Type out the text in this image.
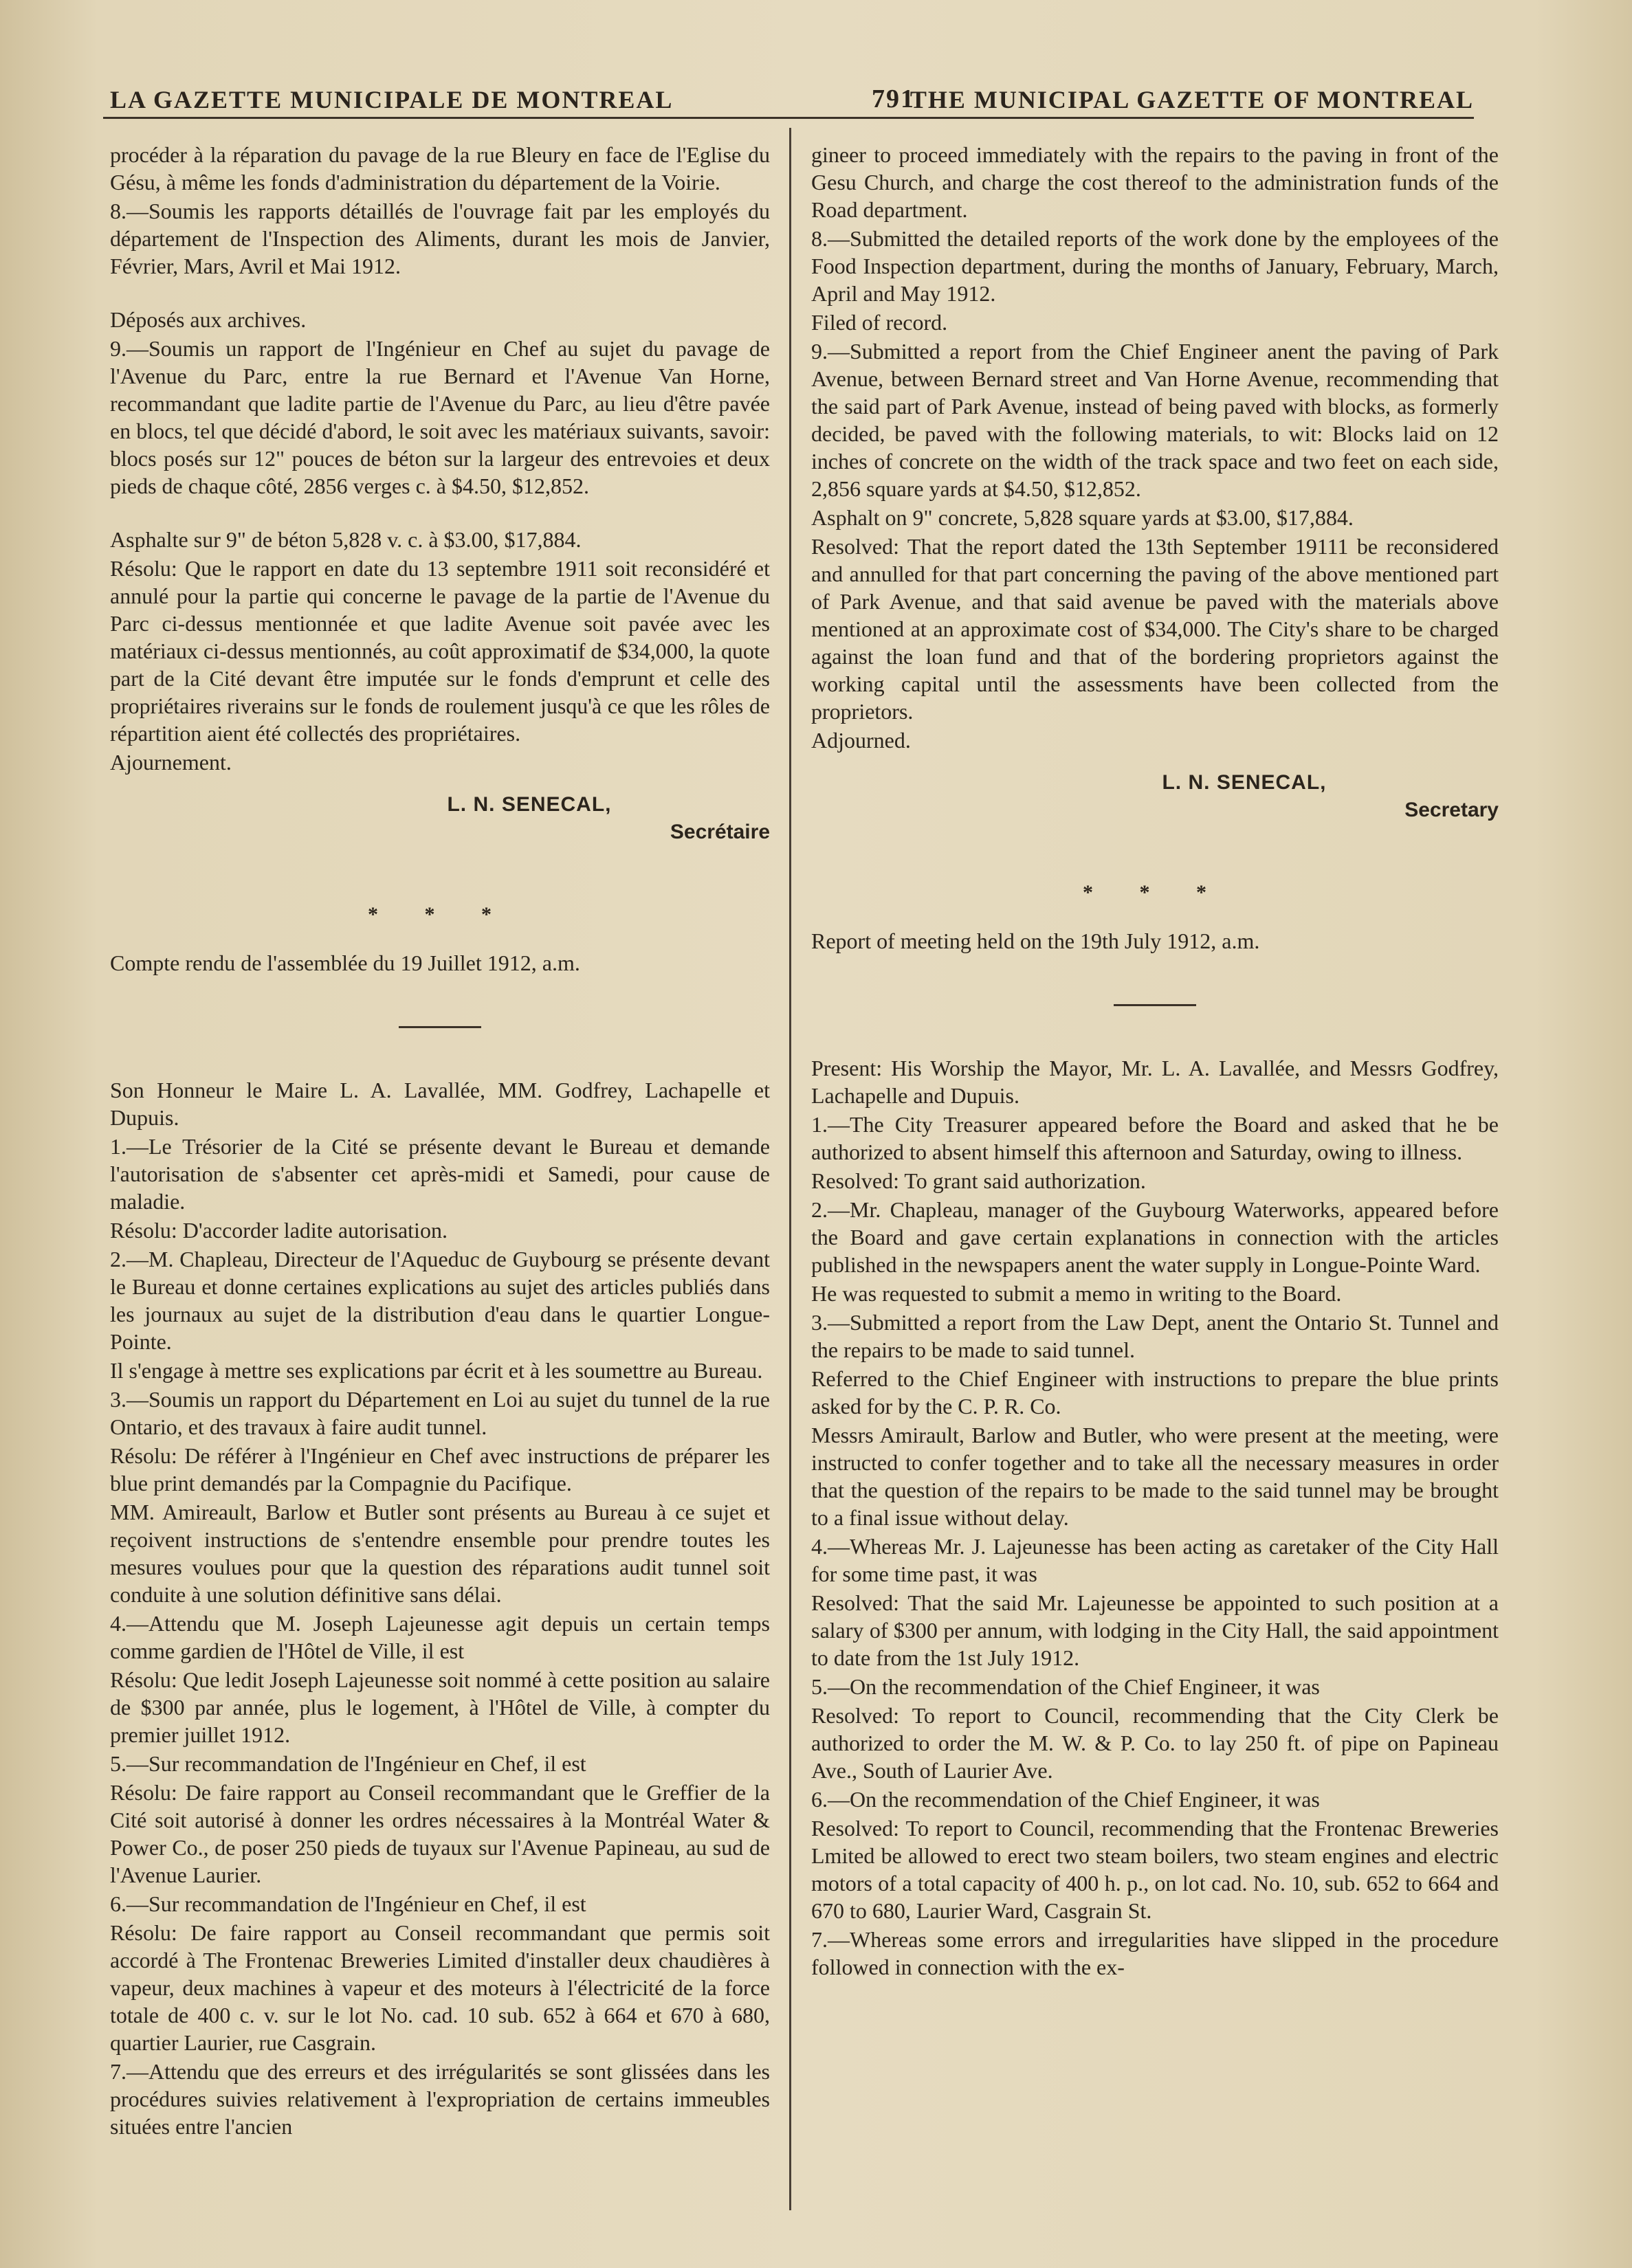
LA GAZETTE MUNICIPALE DE MONTREAL	791
THE MUNICIPAL GAZETTE OF MONTREAL

procéder à la réparation du pavage de la rue Bleury en face de l'Eglise du Gésu, à même les fonds d'administration du département de la Voirie.

8.—Soumis les rapports détaillés de l'ouvrage fait par les employés du département de l'Inspection des Aliments, durant les mois de Janvier, Février, Mars, Avril et Mai 1912.

Déposés aux archives.

9.—Soumis un rapport de l'Ingénieur en Chef au sujet du pavage de l'Avenue du Parc, entre la rue Bernard et l'Avenue Van Horne, recommandant que ladite partie de l'Avenue du Parc, au lieu d'être pavée en blocs, tel que décidé d'abord, le soit avec les matériaux suivants, savoir: blocs posés sur 12" pouces de béton sur la largeur des entrevoies et deux pieds de chaque côté, 2856 verges c. à $4.50, $12,852.

Asphalte sur 9" de béton 5,828 v. c. à $3.00, $17,884.

Résolu: Que le rapport en date du 13 septembre 1911 soit reconsidéré et annulé pour la partie qui concerne le pavage de la partie de l'Avenue du Parc ci-dessus mentionnée et que ladite Avenue soit pavée avec les matériaux ci-dessus mentionnés, au coût approximatif de $34,000, la quote part de la Cité devant être imputée sur le fonds d'emprunt et celle des propriétaires riverains sur le fonds de roulement jusqu'à ce que les rôles de répartition aient été collectés des propriétaires.

Ajournement.

L. N. SENECAL,
Secrétaire
* * *

Compte rendu de l'assemblée du 19 Juillet 1912, a.m.

Son Honneur le Maire L. A. Lavallée, MM. Godfrey, Lachapelle et Dupuis.

1.—Le Trésorier de la Cité se présente devant le Bureau et demande l'autorisation de s'absenter cet après-midi et Samedi, pour cause de maladie.

Résolu: D'accorder ladite autorisation.

2.—M. Chapleau, Directeur de l'Aqueduc de Guybourg se présente devant le Bureau et donne certaines explications au sujet des articles publiés dans les journaux au sujet de la distribution d'eau dans le quartier Longue-Pointe.

Il s'engage à mettre ses explications par écrit et à les soumettre au Bureau.

3.—Soumis un rapport du Département en Loi au sujet du tunnel de la rue Ontario, et des travaux à faire audit tunnel.

Résolu: De référer à l'Ingénieur en Chef avec instructions de préparer les blue print demandés par la Compagnie du Pacifique.

MM. Amireault, Barlow et Butler sont présents au Bureau à ce sujet et reçoivent instructions de s'entendre ensemble pour prendre toutes les mesures voulues pour que la question des réparations audit tunnel soit conduite à une solution définitive sans délai.

4.—Attendu que M. Joseph Lajeunesse agit depuis un certain temps comme gardien de l'Hôtel de Ville, il est

Résolu: Que ledit Joseph Lajeunesse soit nommé à cette position au salaire de $300 par année, plus le logement, à l'Hôtel de Ville, à compter du premier juillet 1912.

5.—Sur recommandation de l'Ingénieur en Chef, il est

Résolu: De faire rapport au Conseil recommandant que le Greffier de la Cité soit autorisé à donner les ordres nécessaires à la Montréal Water & Power Co., de poser 250 pieds de tuyaux sur l'Avenue Papineau, au sud de l'Avenue Laurier.

6.—Sur recommandation de l'Ingénieur en Chef, il est

Résolu: De faire rapport au Conseil recommandant que permis soit accordé à The Frontenac Breweries Limited d'installer deux chaudières à vapeur, deux machines à vapeur et des moteurs à l'électricité de la force totale de 400 c. v. sur le lot No. cad. 10 sub. 652 à 664 et 670 à 680, quartier Laurier, rue Casgrain.

7.—Attendu que des erreurs et des irrégularités se sont glissées dans les procédures suivies relativement à l'expropriation de certains immeubles situées entre l'ancien

gineer to proceed immediately with the repairs to the paving in front of the Gesu Church, and charge the cost thereof to the administration funds of the Road department.

8.—Submitted the detailed reports of the work done by the employees of the Food Inspection department, during the months of January, February, March, April and May 1912.

Filed of record.

9.—Submitted a report from the Chief Engineer anent the paving of Park Avenue, between Bernard street and Van Horne Avenue, recommending that the said part of Park Avenue, instead of being paved with blocks, as formerly decided, be paved with the following materials, to wit: Blocks laid on 12 inches of concrete on the width of the track space and two feet on each side, 2,856 square yards at $4.50, $12,852.

Asphalt on 9" concrete, 5,828 square yards at $3.00, $17,884.

Resolved: That the report dated the 13th September 19111 be reconsidered and annulled for that part concerning the paving of the above mentioned part of Park Avenue, and that said avenue be paved with the materials above mentioned at an approximate cost of $34,000. The City's share to be charged against the loan fund and that of the bordering proprietors against the working capital until the assessments have been collected from the proprietors.

Adjourned.

L. N. SENECAL,
Secretary
* * *

Report of meeting held on the 19th July 1912, a.m.

Present: His Worship the Mayor, Mr. L. A. Lavallée, and Messrs Godfrey, Lachapelle and Dupuis.

1.—The City Treasurer appeared before the Board and asked that he be authorized to absent himself this afternoon and Saturday, owing to illness.

Resolved: To grant said authorization.

2.—Mr. Chapleau, manager of the Guybourg Waterworks, appeared before the Board and gave certain explanations in connection with the articles published in the newspapers anent the water supply in Longue-Pointe Ward.

He was requested to submit a memo in writing to the Board.

3.—Submitted a report from the Law Dept, anent the Ontario St. Tunnel and the repairs to be made to said tunnel.

Referred to the Chief Engineer with instructions to prepare the blue prints asked for by the C. P. R. Co.

Messrs Amirault, Barlow and Butler, who were present at the meeting, were instructed to confer together and to take all the necessary measures in order that the question of the repairs to be made to the said tunnel may be brought to a final issue without delay.

4.—Whereas Mr. J. Lajeunesse has been acting as caretaker of the City Hall for some time past, it was

Resolved: That the said Mr. Lajeunesse be appointed to such position at a salary of $300 per annum, with lodging in the City Hall, the said appointment to date from the 1st July 1912.

5.—On the recommendation of the Chief Engineer, it was

Resolved: To report to Council, recommending that the City Clerk be authorized to order the M. W. & P. Co. to lay 250 ft. of pipe on Papineau Ave., South of Laurier Ave.

6.—On the recommendation of the Chief Engineer, it was

Resolved: To report to Council, recommending that the Frontenac Breweries Lmited be allowed to erect two steam boilers, two steam engines and electric motors of a total capacity of 400 h. p., on lot cad. No. 10, sub. 652 to 664 and 670 to 680, Laurier Ward, Casgrain St.

7.—Whereas some errors and irregularities have slipped in the procedure followed in connection with the ex-
